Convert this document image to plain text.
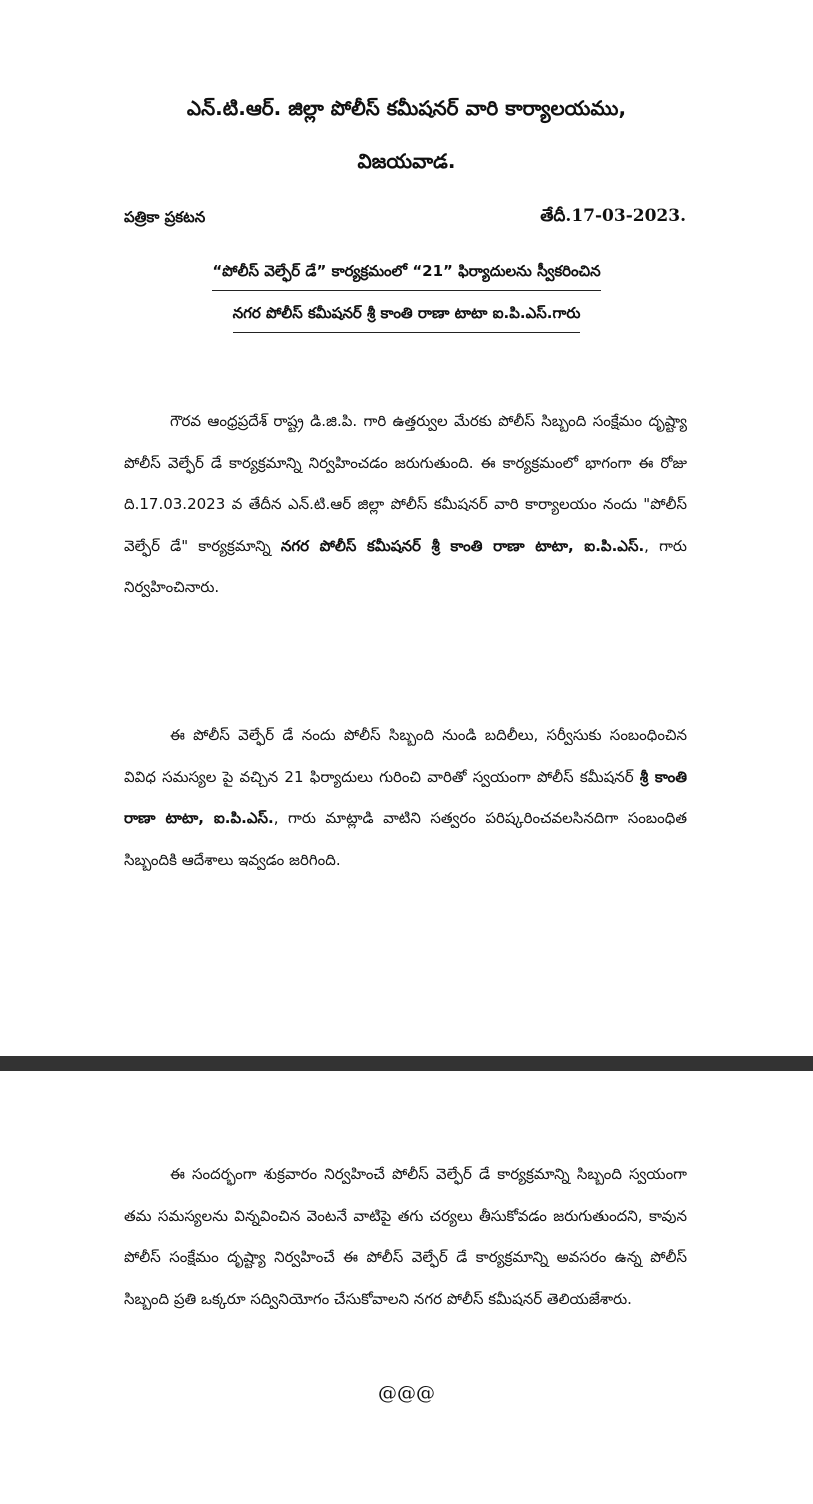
ఎన్.టి.ఆర్. జిల్లా పోలీస్ కమీషనర్ వారి కార్యాలయము,
విజయవాడ.
పత్రికా ప్రకటన	తేదీ.17-03-2023.
“పోలీస్ వెల్ఫేర్ డే” కార్యక్రమంలో “21” ఫిర్యాదులను స్వీకరించిన
నగర పోలీస్ కమీషనర్ శ్రీ కాంతి రాణా టాటా ఐ.పి.ఎస్.గారు

గౌరవ ఆంధ్రప్రదేశ్ రాష్ట్ర డి.జి.పి. గారి ఉత్తర్వుల మేరకు పోలీస్ సిబ్బంది సంక్షేమం దృష్ట్యా పోలీస్ వెల్ఫేర్ డే కార్యక్రమాన్ని నిర్వహించడం జరుగుతుంది. ఈ కార్యక్రమంలో భాగంగా ఈ రోజు ది.17.03.2023 వ తేదీన ఎన్.టి.ఆర్ జిల్లా పోలీస్ కమీషనర్ వారి కార్యాలయం నందు "పోలీస్ వెల్ఫేర్ డే" కార్యక్రమాన్ని నగర పోలీస్ కమీషనర్ శ్రీ కాంతి రాణా టాటా, ఐ.పి.ఎస్., గారు నిర్వహించినారు.

ఈ పోలీస్ వెల్ఫేర్ డే నందు పోలీస్ సిబ్బంది నుండి బదిలీలు, సర్వీసుకు సంబంధించిన వివిధ సమస్యల పై వచ్చిన 21 ఫిర్యాదులు గురించి వారితో స్వయంగా పోలీస్ కమీషనర్ శ్రీ కాంతి రాణా టాటా, ఐ.పి.ఎస్., గారు మాట్లాడి వాటిని సత్వరం పరిష్కరించవలసినదిగా సంబంధిత సిబ్బందికి ఆదేశాలు ఇవ్వడం జరిగింది.

ఈ సందర్భంగా శుక్రవారం నిర్వహించే పోలీస్ వెల్ఫేర్ డే కార్యక్రమాన్ని సిబ్బంది స్వయంగా తమ సమస్యలను విన్నవించిన వెంటనే వాటిపై తగు చర్యలు తీసుకోవడం జరుగుతుందని, కావున పోలీస్ సంక్షేమం దృష్ట్యా నిర్వహించే ఈ పోలీస్ వెల్ఫేర్ డే కార్యక్రమాన్ని అవసరం ఉన్న పోలీస్ సిబ్బంది ప్రతి ఒక్కరూ సద్వినియోగం చేసుకోవాలని నగర పోలీస్ కమీషనర్ తెలియజేశారు.

@@@
